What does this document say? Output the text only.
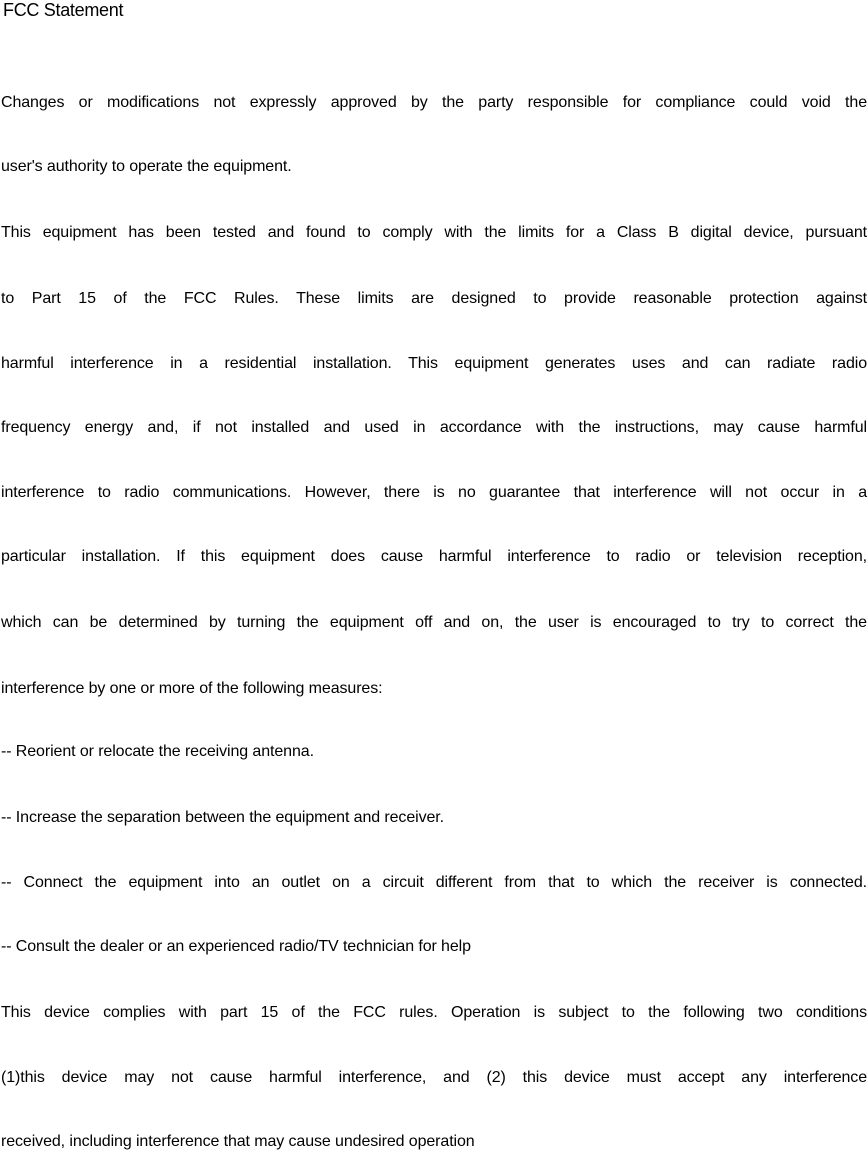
FCC Statement
Changes or modifications not expressly approved by the party responsible for compliance could void the
user's authority to operate the equipment.
This equipment has been tested and found to comply with the limits for a Class B digital device, pursuant
to Part 15 of the FCC Rules. These limits are designed to provide reasonable protection against
harmful interference in a residential installation. This equipment generates uses and can radiate radio
frequency energy and, if not installed and used in accordance with the instructions, may cause harmful
interference to radio communications. However, there is no guarantee that interference will not occur in a
particular installation. If this equipment does cause harmful interference to radio or television reception,
which can be determined by turning the equipment off and on, the user is encouraged to try to correct the
interference by one or more of the following measures:
-- Reorient or relocate the receiving antenna.
-- Increase the separation between the equipment and receiver.
-- Connect the equipment into an outlet on a circuit different from that to which the receiver is connected.
-- Consult the dealer or an experienced radio/TV technician for help
This device complies with part 15 of the FCC rules. Operation is subject to the following two conditions
(1)this device may not cause harmful interference, and (2) this device must accept any interference
received, including interference that may cause undesired operation
